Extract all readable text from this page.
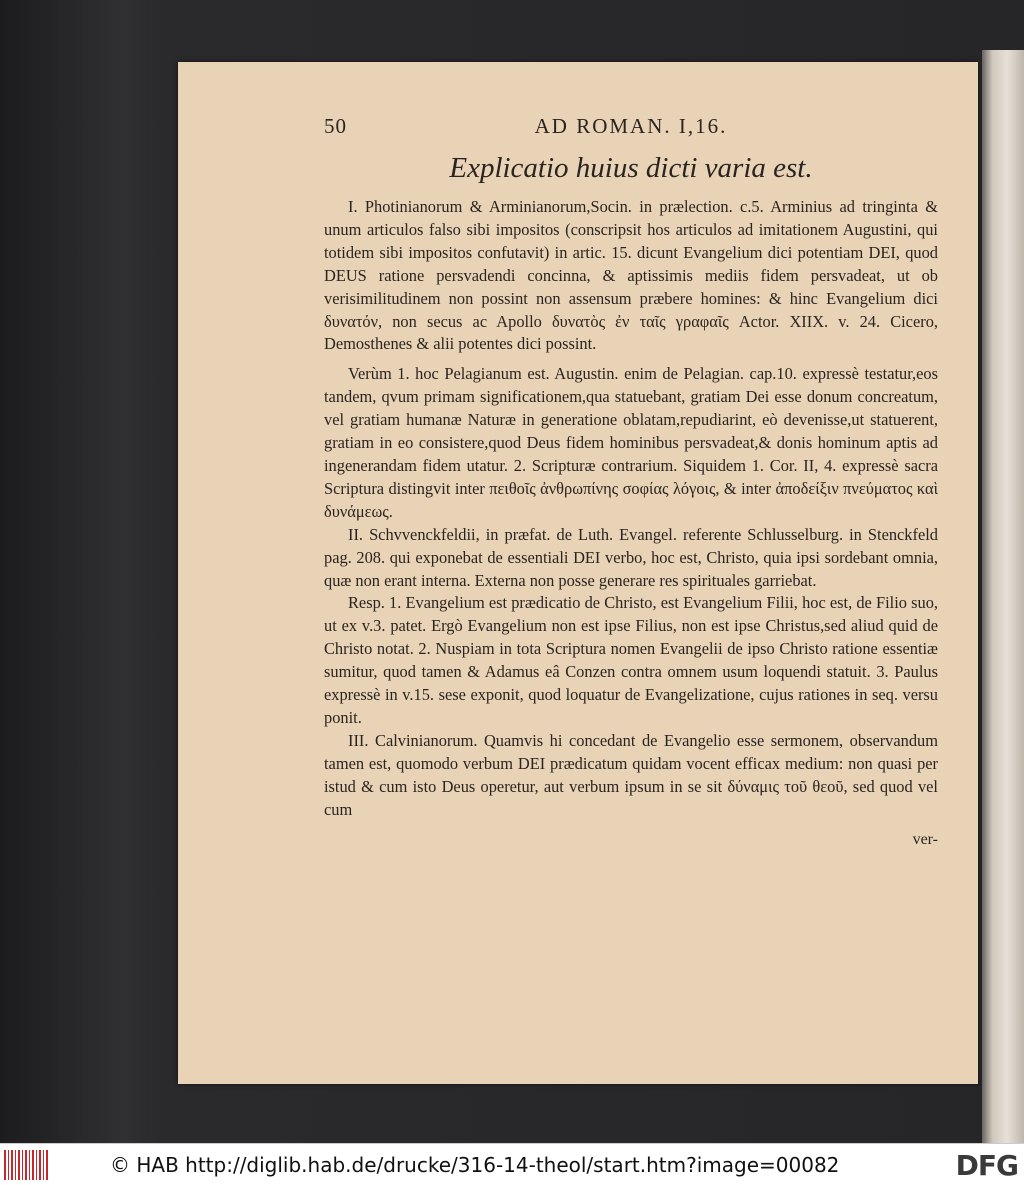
50	AD ROMAN. I,16.
Explicatio huius dicti varia est.

I. Photinianorum & Arminianorum,Socin. in prælection. c.5. Arminius ad tringinta & unum articulos falso sibi impositos (conscripsit hos articulos ad imitationem Augustini, qui totidem sibi impositos confutavit) in artic. 15. dicunt Evangelium dici potentiam DEI, quod DEUS ratione persvadendi concinna, & aptissimis mediis fidem persvadeat, ut ob verisimilitudinem non possint non assensum præbere homines: & hinc Evangelium dici δυνατόν, non secus ac Apollo δυνατὸς ἐν ταῖς γραφαῖς Actor. XIIX. v. 24. Cicero, Demosthenes & alii potentes dici possint.

Verùm 1. hoc Pelagianum est. Augustin. enim de Pelagian. cap.10. expressè testatur,eos tandem, qvum primam significationem,qua statuebant, gratiam Dei esse donum concreatum, vel gratiam humanæ Naturæ in generatione oblatam,repudiarint, eò devenisse,ut statuerent, gratiam in eo consistere,quod Deus fidem hominibus persvadeat,& donis hominum aptis ad ingenerandam fidem utatur. 2. Scripturæ contrarium. Siquidem 1. Cor. II, 4. expressè sacra Scriptura distingvit inter πειθοῖς ἀνθρωπίνης σοφίας λόγοις, & inter ἀποδείξιν πνεύματος καὶ δυνάμεως.

II. Schvvenckfeldii, in præfat. de Luth. Evangel. referente Schlusselburg. in Stenckfeld pag. 208. qui exponebat de essentiali DEI verbo, hoc est, Christo, quia ipsi sordebant omnia, quæ non erant interna. Externa non posse generare res spirituales garriebat.

Resp. 1. Evangelium est prædicatio de Christo, est Evangelium Filii, hoc est, de Filio suo, ut ex v.3. patet. Ergò Evangelium non est ipse Filius, non est ipse Christus,sed aliud quid de Christo notat. 2. Nuspiam in tota Scriptura nomen Evangelii de ipso Christo ratione essentiæ sumitur, quod tamen & Adamus eâ Conzen contra omnem usum loquendi statuit. 3. Paulus expressè in v.15. sese exponit, quod loquatur de Evangelizatione, cujus rationes in seq. versu ponit.

III. Calvinianorum. Quamvis hi concedant de Evangelio esse sermonem, observandum tamen est, quomodo verbum DEI prædicatum quidam vocent efficax medium: non quasi per istud & cum isto Deus operetur, aut verbum ipsum in se sit δύναμις τοῦ θεοῦ, sed quod vel cum

ver-
© HAB http://diglib.hab.de/drucke/316-14-theol/start.htm?image=00082	DFG
